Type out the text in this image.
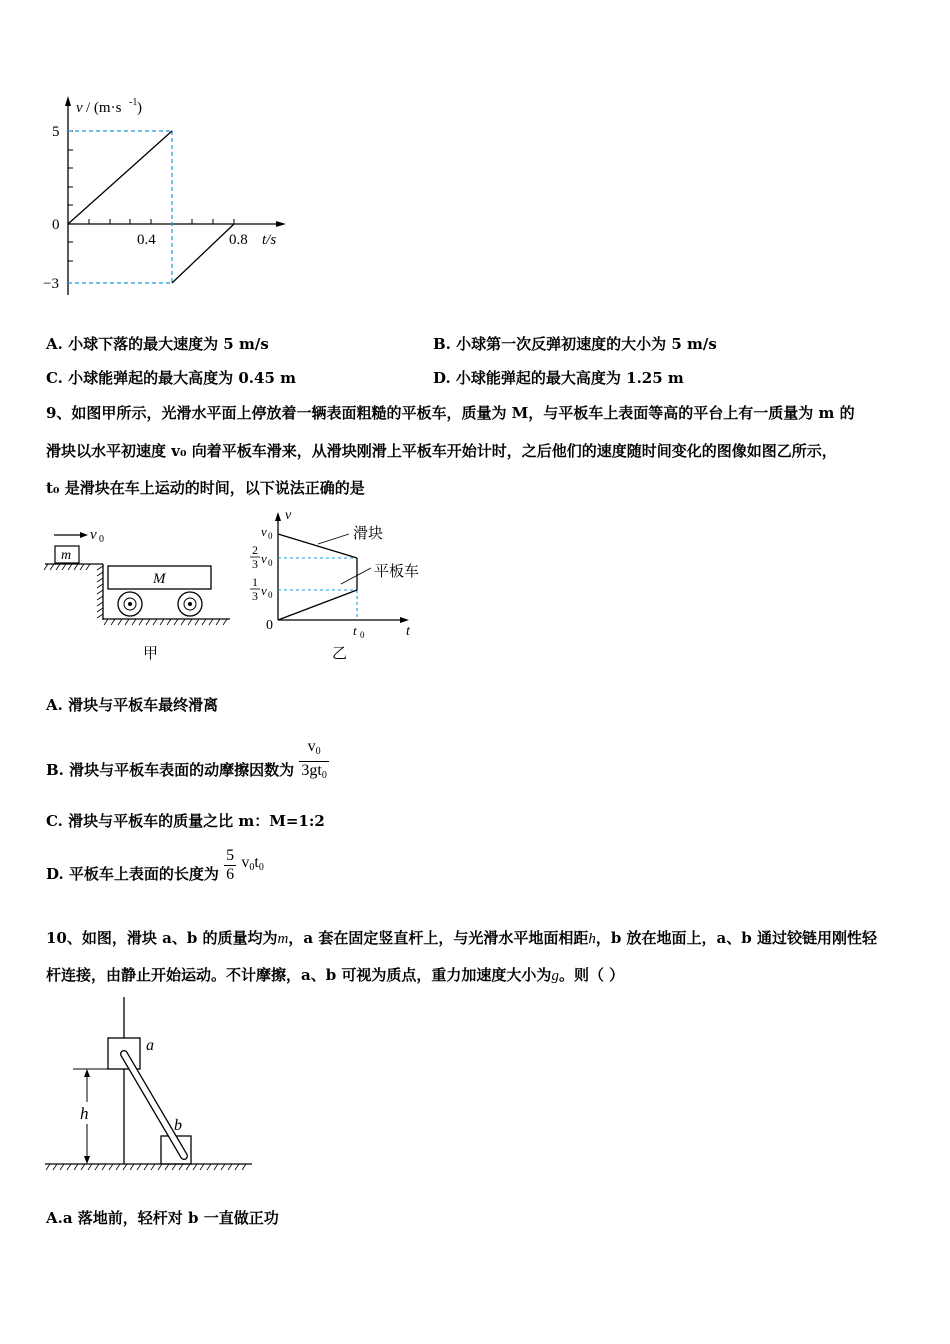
v / (m·s -1 )
5
0
−3
0.4	0.8 t/s
A. 小球下落的最大速度为 5 m/s	B. 小球第一次反弹初速度的大小为 5 m/s
C. 小球能弹起的最大高度为 0.45 m	D. 小球能弹起的最大高度为 1.25 m
9、如图甲所示，光滑水平面上停放着一辆表面粗糙的平板车，质量为 M，与平板车上表面等高的平台上有一质量为 m 的
滑块以水平初速度 v₀ 向着平板车滑来，从滑块刚滑上平板车开始计时，之后他们的速度随时间变化的图像如图乙所示，
t₀ 是滑块在车上运动的时间，以下说法正确的是
v 0
m
M
甲
v
t
0
v 0
2
3 v 0
1
3 v 0
滑块
平板车
t 0
乙
A. 滑块与平板车最终滑离
B. 滑块与平板车表面的动摩擦因数为 $\frac{v_0}{3gt_0}$
C. 滑块与平板车的质量之比 m：M=1:2
D. 平板车上表面的长度为 $\frac{5}{6} v_0t_0$
10、如图，滑块 a、b 的质量均为m，a 套在固定竖直杆上，与光滑水平地面相距h，b 放在地面上，a、b 通过铰链用刚性轻
杆连接，由静止开始运动。不计摩擦，a、b 可视为质点，重力加速度大小为g。则（ ）
a
b
h
A.a 落地前，轻杆对 b 一直做正功
